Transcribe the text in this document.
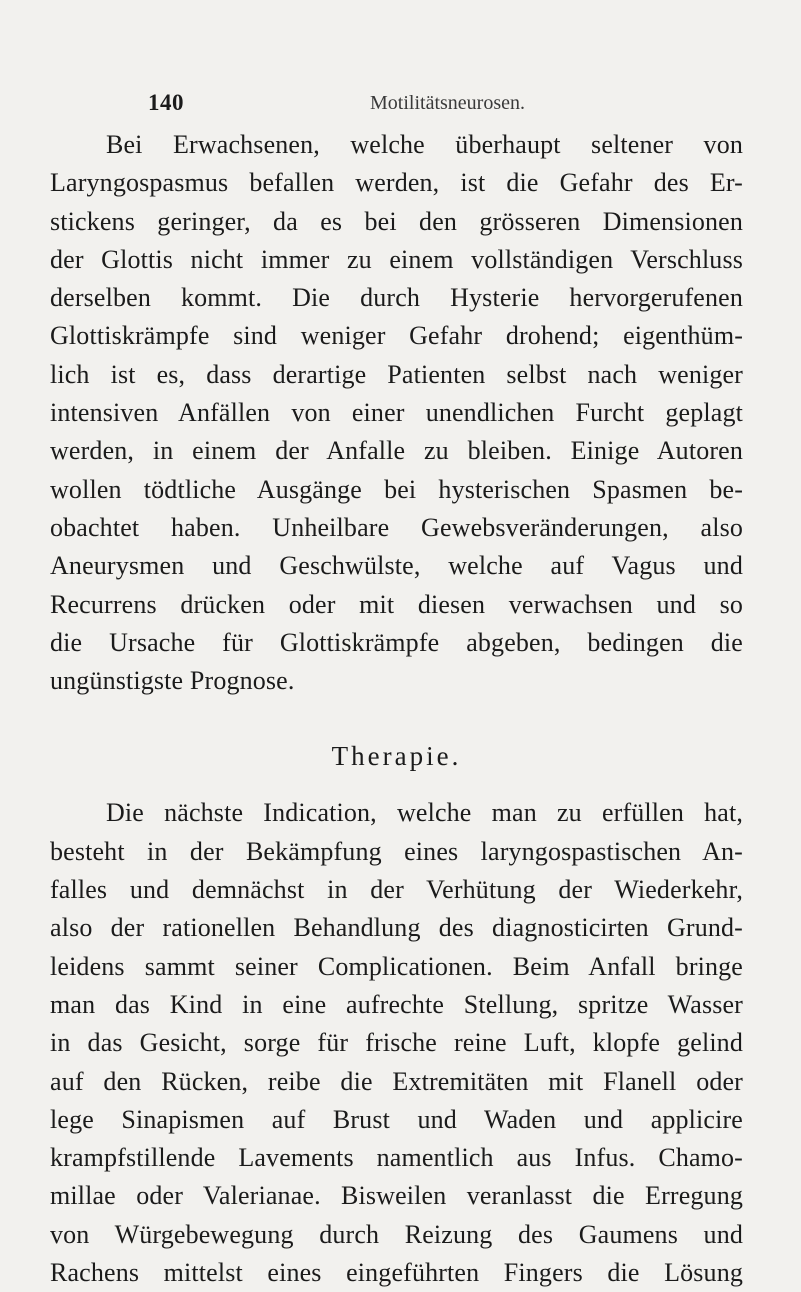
140	Motilitätsneurosen.

Bei Erwachsenen, welche überhaupt seltener von
Laryngospasmus befallen werden, ist die Gefahr des Er-
stickens geringer, da es bei den grösseren Dimensionen
der Glottis nicht immer zu einem vollständigen Verschluss
derselben kommt. Die durch Hysterie hervorgerufenen
Glottiskrämpfe sind weniger Gefahr drohend; eigenthüm-
lich ist es, dass derartige Patienten selbst nach weniger
intensiven Anfällen von einer unendlichen Furcht geplagt
werden, in einem der Anfalle zu bleiben. Einige Autoren
wollen tödtliche Ausgänge bei hysterischen Spasmen be-
obachtet haben. Unheilbare Gewebsveränderungen, also
Aneurysmen und Geschwülste, welche auf Vagus und
Recurrens drücken oder mit diesen verwachsen und so
die Ursache für Glottiskrämpfe abgeben, bedingen die
ungünstigste Prognose.

Therapie.

Die nächste Indication, welche man zu erfüllen hat,
besteht in der Bekämpfung eines laryngospastischen An-
falles und demnächst in der Verhütung der Wiederkehr,
also der rationellen Behandlung des diagnosticirten Grund-
leidens sammt seiner Complicationen. Beim Anfall bringe
man das Kind in eine aufrechte Stellung, spritze Wasser
in das Gesicht, sorge für frische reine Luft, klopfe gelind
auf den Rücken, reibe die Extremitäten mit Flanell oder
lege Sinapismen auf Brust und Waden und applicire
krampfstillende Lavements namentlich aus Infus. Chamo-
millae oder Valerianae. Bisweilen veranlasst die Erregung
von Würgebewegung durch Reizung des Gaumens und
Rachens mittelst eines eingeführten Fingers die Lösung
